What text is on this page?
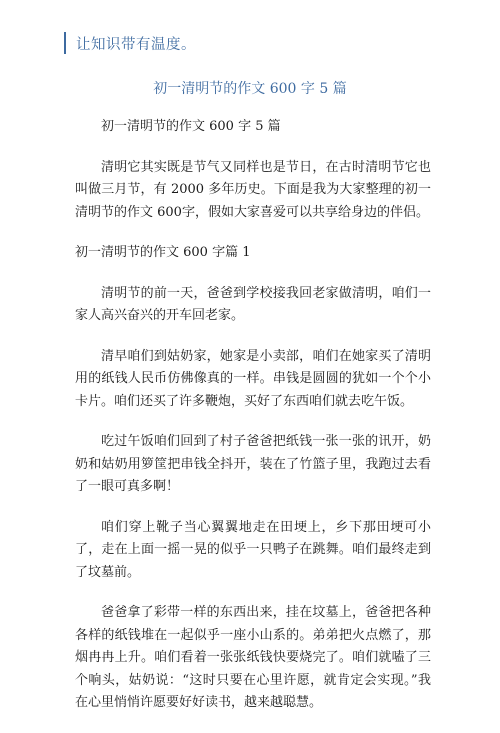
让知识带有温度。
初一清明节的作文 600 字 5 篇

初一清明节的作文 600 字 5 篇

清明它其实既是节气又同样也是节日，在古时清明节它也叫做三月节，有 2000 多年历史。下面是我为大家整理的初一清明节的作文 600字，假如大家喜爱可以共享给身边的伴侣。

初一清明节的作文 600 字篇 1

清明节的前一天，爸爸到学校接我回老家做清明，咱们一家人高兴奋兴的开车回老家。

清早咱们到姑奶家，她家是小卖部，咱们在她家买了清明用的纸钱人民币仿佛像真的一样。串钱是圆圆的犹如一个个小卡片。咱们还买了许多鞭炮，买好了东西咱们就去吃午饭。

吃过午饭咱们回到了村子爸爸把纸钱一张一张的讯开，奶奶和姑奶用箩筐把串钱全抖开，装在了竹篮子里，我跑过去看了一眼可真多啊！

咱们穿上靴子当心翼翼地走在田埂上，乡下那田埂可小了，走在上面一摇一晃的似乎一只鸭子在跳舞。咱们最终走到了坟墓前。

爸爸拿了彩带一样的东西出来，挂在坟墓上，爸爸把各种各样的纸钱堆在一起似乎一座小山系的。弟弟把火点燃了，那烟冉冉上升。咱们看着一张张纸钱快要烧完了。咱们就嗑了三个响头，姑奶说：“这时只要在心里许愿，就肯定会实现。”我在心里悄悄许愿要好好读书，越来越聪慧。
